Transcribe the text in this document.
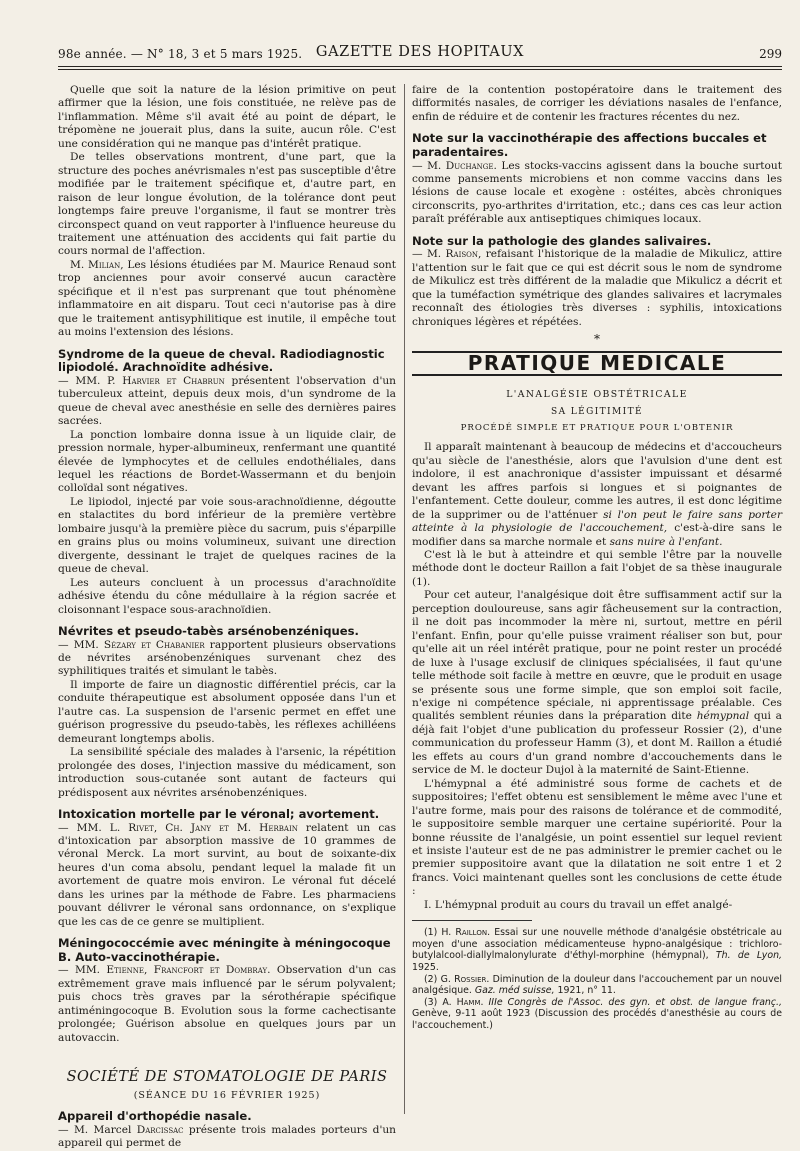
98e année. — N° 18, 3 et 5 mars 1925. GAZETTE DES HOPITAUX	299

Quelle que soit la nature de la lésion primitive on peut affirmer que la lésion, une fois constituée, ne relève pas de l'inflammation. Même s'il avait été au point de départ, le trépomène ne jouerait plus, dans la suite, aucun rôle. C'est une considération qui ne manque pas d'intérêt pratique.

De telles observations montrent, d'une part, que la structure des poches anévrismales n'est pas susceptible d'être modifiée par le traitement spécifique et, d'autre part, en raison de leur longue évolution, de la tolérance dont peut longtemps faire preuve l'organisme, il faut se montrer très circonspect quand on veut rapporter à l'influence heureuse du traitement une atténuation des accidents qui fait partie du cours normal de l'affection.

M. Milian, Les lésions étudiées par M. Maurice Renaud sont trop anciennes pour avoir conservé aucun caractère spécifique et il n'est pas surprenant que tout phénomène inflammatoire en ait disparu. Tout ceci n'autorise pas à dire que le traitement antisyphilitique est inutile, il empêche tout au moins l'extension des lésions.

Syndrome de la queue de cheval. Radiodiagnostic lipiodolé. Arachnoïdite adhésive.

— MM. P. Harvier et Chabrun présentent l'observation d'un tuberculeux atteint, depuis deux mois, d'un syndrome de la queue de cheval avec anesthésie en selle des dernières paires sacrées.

La ponction lombaire donna issue à un liquide clair, de pression normale, hyper-albumineux, renfermant une quantité élevée de lymphocytes et de cellules endothéliales, dans lequel les réactions de Bordet-Wassermann et du benjoin colloïdal sont négatives.

Le lipiodol, injecté par voie sous-arachnoïdienne, dégoutte en stalactites du bord inférieur de la première vertèbre lombaire jusqu'à la première pièce du sacrum, puis s'éparpille en grains plus ou moins volumineux, suivant une direction divergente, dessinant le trajet de quelques racines de la queue de cheval.

Les auteurs concluent à un processus d'arachnoïdite adhésive étendu du cône médullaire à la région sacrée et cloisonnant l'espace sous-arachnoïdien.

Névrites et pseudo-tabès arsénobenzéniques.

— MM. Sézary et Chabanier rapportent plusieurs observations de névrites arsénobenzéniques survenant chez des syphilitiques traités et simulant le tabès.

Il importe de faire un diagnostic différentiel précis, car la conduite thérapeutique est absolument opposée dans l'un et l'autre cas. La suspension de l'arsenic permet en effet une guérison progressive du pseudo-tabès, les réflexes achilléens demeurant longtemps abolis.

La sensibilité spéciale des malades à l'arsenic, la répétition prolongée des doses, l'injection massive du médicament, son introduction sous-cutanée sont autant de facteurs qui prédisposent aux névrites arsénobenzéniques.

Intoxication mortelle par le véronal; avortement.

— MM. L. Rivet, Ch. Jany et M. Herbain relatent un cas d'intoxication par absorption massive de 10 grammes de véronal Merck. La mort survint, au bout de soixante-dix heures d'un coma absolu, pendant lequel la malade fit un avortement de quatre mois environ. Le véronal fut décelé dans les urines par la méthode de Fabre. Les pharmaciens pouvant délivrer le véronal sans ordonnance, on s'explique que les cas de ce genre se multiplient.

Méningococcémie avec méningite à méningocoque B. Auto-vaccinothérapie.

— MM. Etienne, Francfort et Dombray. Observation d'un cas extrêmement grave mais influencé par le sérum polyvalent; puis chocs très graves par la sérothérapie spécifique antiméningocoque B. Evolution sous la forme cachectisante prolongée; Guérison absolue en quelques jours par un autovaccin.

SOCIÉTÉ DE STOMATOLOGIE DE PARIS
(SÉANCE DU 16 FÉVRIER 1925)
Appareil d'orthopédie nasale.

— M. Marcel Darcissac présente trois malades porteurs d'un appareil qui permet de

faire de la contention postopératoire dans le traitement des difformités nasales, de corriger les déviations nasales de l'enfance, enfin de réduire et de contenir les fractures récentes du nez.

Note sur la vaccinothérapie des affections buccales et paradentaires.

— M. Duchange. Les stocks-vaccins agissent dans la bouche surtout comme pansements microbiens et non comme vaccins dans les lésions de cause locale et exogène : ostéites, abcès chroniques circonscrits, pyo-arthrites d'irritation, etc.; dans ces cas leur action paraît préférable aux antiseptiques chimiques locaux.

Note sur la pathologie des glandes salivaires.

— M. Raison, refaisant l'historique de la maladie de Mikulicz, attire l'attention sur le fait que ce qui est décrit sous le nom de syndrome de Mikulicz est très différent de la maladie que Mikulicz a décrit et que la tuméfaction symétrique des glandes salivaires et lacrymales reconnaît des étiologies très diverses : syphilis, intoxications chroniques légères et répétées.

*
PRATIQUE MEDICALE
L'ANALGÉSIE OBSTÉTRICALE
SA LÉGITIMITÉ
PROCÉDÉ SIMPLE ET PRATIQUE POUR L'OBTENIR

Il apparaît maintenant à beaucoup de médecins et d'accoucheurs qu'au siècle de l'anesthésie, alors que l'avulsion d'une dent est indolore, il est anachronique d'assister impuissant et désarmé devant les affres parfois si longues et si poignantes de l'enfantement. Cette douleur, comme les autres, il est donc légitime de la supprimer ou de l'atténuer si l'on peut le faire sans porter atteinte à la physiologie de l'accouchement, c'est-à-dire sans le modifier dans sa marche normale et sans nuire à l'enfant.

C'est là le but à atteindre et qui semble l'être par la nouvelle méthode dont le docteur Raillon a fait l'objet de sa thèse inaugurale (1).

Pour cet auteur, l'analgésique doit être suffisamment actif sur la perception douloureuse, sans agir fâcheusement sur la contraction, il ne doit pas incommoder la mère ni, surtout, mettre en péril l'enfant. Enfin, pour qu'elle puisse vraiment réaliser son but, pour qu'elle ait un réel intérêt pratique, pour ne point rester un procédé de luxe à l'usage exclusif de cliniques spécialisées, il faut qu'une telle méthode soit facile à mettre en œuvre, que le produit en usage se présente sous une forme simple, que son emploi soit facile, n'exige ni compétence spéciale, ni apprentissage préalable. Ces qualités semblent réunies dans la préparation dite hémypnal qui a déjà fait l'objet d'une publication du professeur Rossier (2), d'une communication du professeur Hamm (3), et dont M. Raillon a étudié les effets au cours d'un grand nombre d'accouchements dans le service de M. le docteur Dujol à la maternité de Saint-Etienne.

L'hémypnal a été administré sous forme de cachets et de suppositoires; l'effet obtenu est sensiblement le même avec l'une et l'autre forme, mais pour des raisons de tolérance et de commodité, le suppositoire semble marquer une certaine supériorité. Pour la bonne réussite de l'analgésie, un point essentiel sur lequel revient et insiste l'auteur est de ne pas administrer le premier cachet ou le premier suppositoire avant que la dilatation ne soit entre 1 et 2 francs. Voici maintenant quelles sont les conclusions de cette étude :

I. L'hémypnal produit au cours du travail un effet analgé-

(1) H. Raillon. Essai sur une nouvelle méthode d'analgésie obstétricale au moyen d'une association médicamenteuse hypno-analgésique : trichloro-butylalcool-diallylmalonylurate d'éthyl-morphine (hémypnal), Th. de Lyon, 1925.

(2) G. Rossier. Diminution de la douleur dans l'accouchement par un nouvel analgésique. Gaz. méd suisse, 1921, n° 11.

(3) A. Hamm. IIIe Congrès de l'Assoc. des gyn. et obst. de langue franç., Genève, 9-11 août 1923 (Discussion des procédés d'anesthésie au cours de l'accouchement.)
